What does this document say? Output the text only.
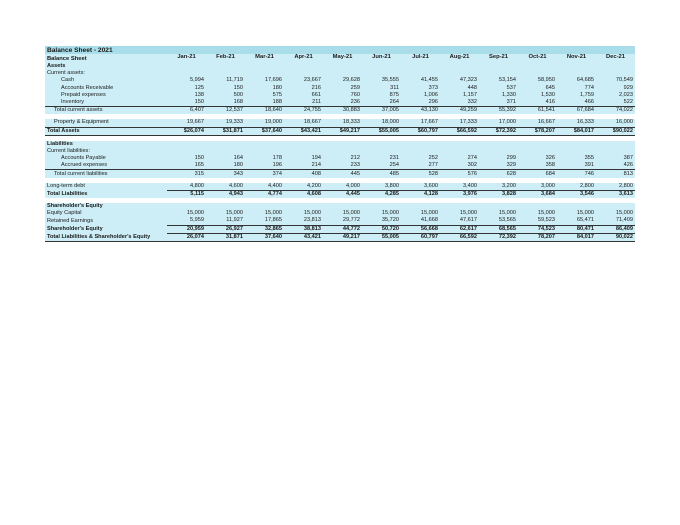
Balance Sheet - 2021												
Balance Sheet	Jan-21	Feb-21	Mar-21	Apr-21	May-21	Jun-21	Jul-21	Aug-21	Sep-21	Oct-21	Nov-21	Dec-21
Assets												
Current assets:												
Cash	5,994	11,719	17,696	23,667	29,628	35,555	41,455	47,323	53,154	58,950	64,685	70,549
Accounts Receivable	125	150	180	216	259	311	373	448	537	645	774	929
Prepaid expenses	138	500	575	661	760	875	1,006	1,157	1,330	1,530	1,759	2,023
Inventory	150	168	188	211	236	264	296	332	371	416	466	522
Total current assets	6,407	12,537	18,640	24,755	30,883	37,005	43,130	49,259	55,392	61,541	67,684	74,022

Property & Equipment	19,667	19,333	19,000	18,667	18,333	18,000	17,667	17,333	17,000	16,667	16,333	16,000
Total Assets	$26,074	$31,871	$37,640	$43,421	$49,217	$55,005	$60,797	$66,592	$72,392	$78,207	$84,017	$90,022

Liabilities												
Current liabilities:												
Accounts Payable	150	164	178	194	212	231	252	274	299	326	355	387
Accrued expenses	165	180	196	214	233	254	277	302	329	358	391	426
Total current liabilities	315	343	374	408	445	485	528	576	628	684	746	813

Long-term debt	4,800	4,600	4,400	4,200	4,000	3,800	3,600	3,400	3,200	3,000	2,800	2,800
Total Liabilities	5,115	4,943	4,774	4,608	4,445	4,285	4,128	3,976	3,828	3,684	3,546	3,613

Shareholder's Equity												
Equity Capital	15,000	15,000	15,000	15,000	15,000	15,000	15,000	15,000	15,000	15,000	15,000	15,000
Retained Earnings	5,959	11,927	17,865	23,813	29,772	35,720	41,668	47,617	53,565	59,523	65,471	71,409
Shareholder's Equity	20,959	26,927	32,865	38,813	44,772	50,720	56,668	62,617	68,565	74,523	80,471	86,409
Total Liabilities & Shareholder's Equity	26,074	31,871	37,640	43,421	49,217	55,005	60,797	66,592	72,392	78,207	84,017	90,022
